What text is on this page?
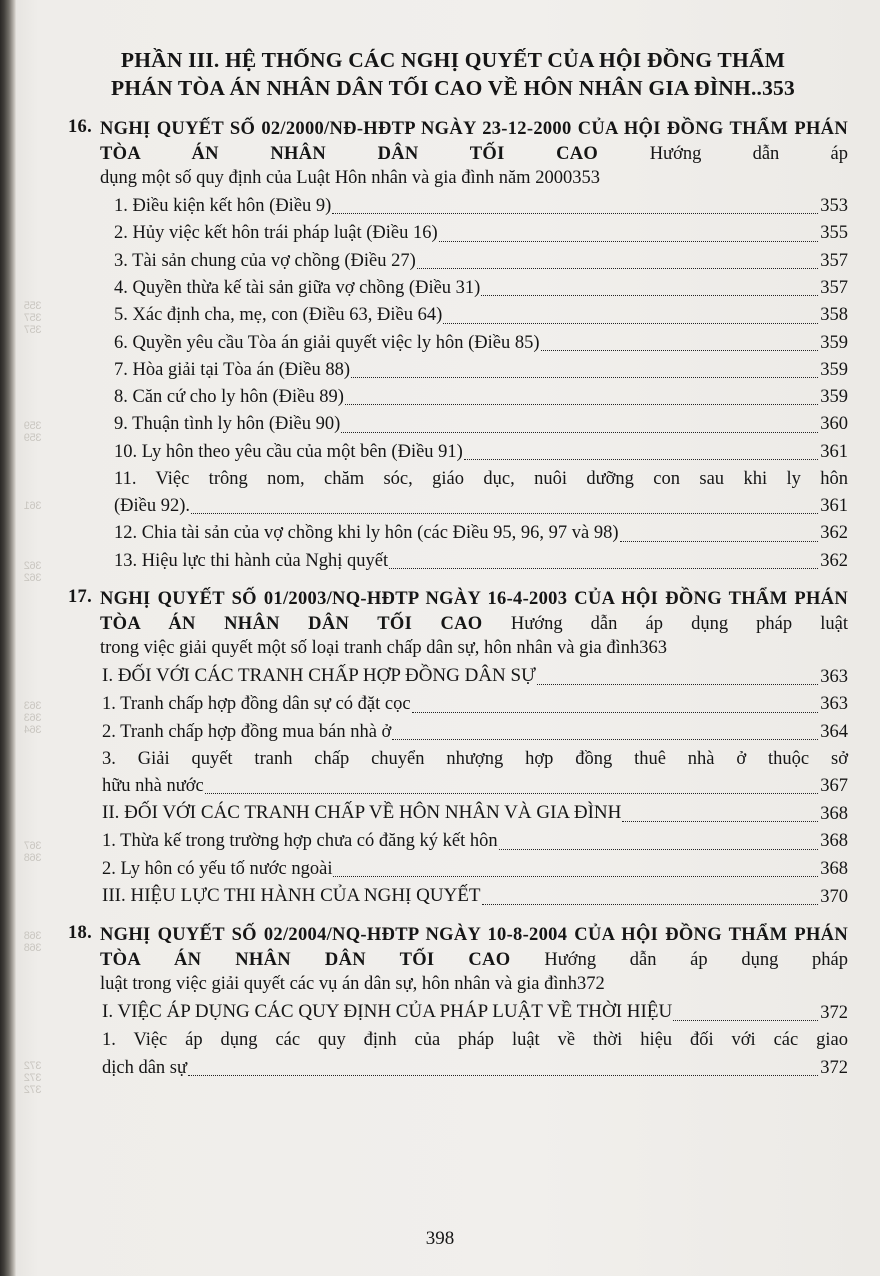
355
357
357
359
359
361
362
362
363
363
364
367
368
368
368
372
372
372
PHẦN III. HỆ THỐNG CÁC NGHỊ QUYẾT CỦA HỘI ĐỒNG THẨM
PHÁN TÒA ÁN NHÂN DÂN TỐI CAO VỀ HÔN NHÂN GIA ĐÌNH..353
16. NGHỊ QUYẾT SỐ 02/2000/NĐ-HĐTP NGÀY 23-12-2000 CỦA HỘI ĐỒNG THẨM PHÁN TÒA ÁN NHÂN DÂN TỐI CAO	Hướng dẫn áp
dụng một số quy định của Luật Hôn nhân và gia đình năm 2000 353
1. Điều kiện kết hôn (Điều 9)	353
2. Hủy việc kết hôn trái pháp luật (Điều 16)	355
3. Tài sản chung của vợ chồng (Điều 27)	357
4. Quyền thừa kế tài sản giữa vợ chồng (Điều 31)	357
5. Xác định cha, mẹ, con (Điều 63, Điều 64)	358
6. Quyền yêu cầu Tòa án giải quyết việc ly hôn (Điều 85)	359
7. Hòa giải tại Tòa án (Điều 88)	359
8. Căn cứ cho ly hôn (Điều 89)	359
9. Thuận tình ly hôn (Điều 90)	360
10. Ly hôn theo yêu cầu của một bên (Điều 91)	361
11. Việc trông nom, chăm sóc, giáo dục, nuôi dưỡng con sau khi ly hôn
(Điều 92).	361
12. Chia tài sản của vợ chồng khi ly hôn (các Điều 95, 96, 97 và 98)	362
13. Hiệu lực thi hành của Nghị quyết	362
17. NGHỊ QUYẾT SỐ 01/2003/NQ-HĐTP NGÀY 16-4-2003 CỦA HỘI ĐỒNG THẨM PHÁN TÒA ÁN NHÂN DÂN TỐI CAO Hướng dẫn áp dụng pháp luật
trong việc giải quyết một số loại tranh chấp dân sự, hôn nhân và gia đình 363
I. ĐỐI VỚI CÁC TRANH CHẤP HỢP ĐỒNG DÂN SỰ	363
1. Tranh chấp hợp đồng dân sự có đặt cọc	363
2. Tranh chấp hợp đồng mua bán nhà ở	364
3. Giải quyết tranh chấp chuyển nhượng hợp đồng thuê nhà ở thuộc sở
hữu nhà nước	367
II. ĐỐI VỚI CÁC TRANH CHẤP VỀ HÔN NHÂN VÀ GIA ĐÌNH	368
1. Thừa kế trong trường hợp chưa có đăng ký kết hôn	368
2. Ly hôn có yếu tố nước ngoài	368
III. HIỆU LỰC THI HÀNH CỦA NGHỊ QUYẾT	370
18. NGHỊ QUYẾT SỐ 02/2004/NQ-HĐTP NGÀY 10-8-2004 CỦA HỘI ĐỒNG THẨM PHÁN TÒA ÁN NHÂN DÂN TỐI CAO Hướng dẫn áp dụng pháp
luật trong việc giải quyết các vụ án dân sự, hôn nhân và gia đình 372
I. VIỆC ÁP DỤNG CÁC QUY ĐỊNH CỦA PHÁP LUẬT VỀ THỜI HIỆU	372
1. Việc áp dụng các quy định của pháp luật về thời hiệu đối với các giao
dịch dân sự	372
398
